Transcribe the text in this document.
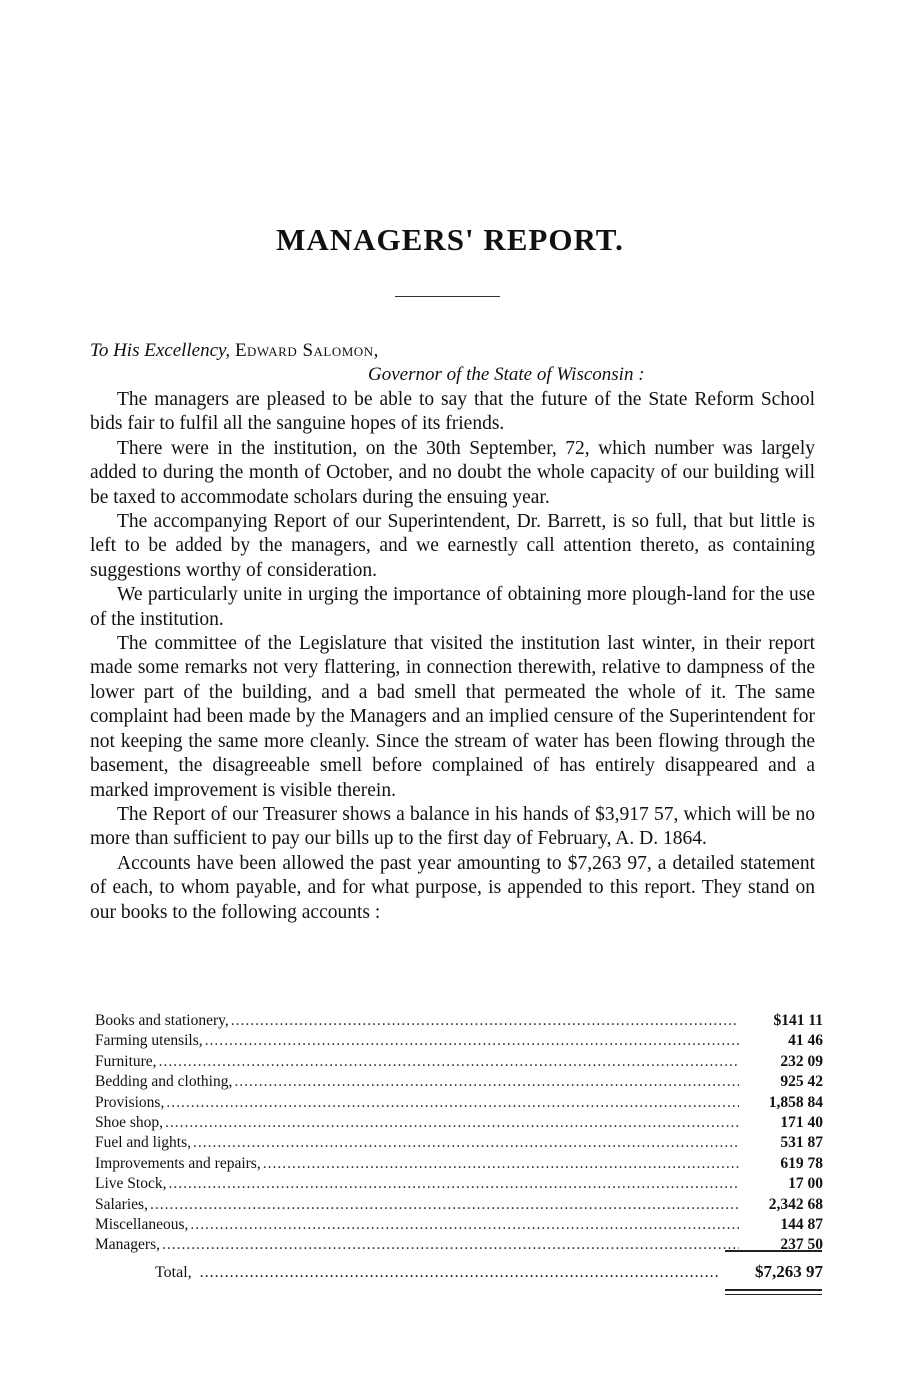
MANAGERS' REPORT.
To His Excellency, Edward Salomon,
Governor of the State of Wisconsin :

The managers are pleased to be able to say that the future of the State Reform School bids fair to fulfil all the sanguine hopes of its friends.

There were in the institution, on the 30th September, 72, which number was largely added to during the month of October, and no doubt the whole capacity of our building will be taxed to accommodate scholars during the ensuing year.

The accompanying Report of our Superintendent, Dr. Barrett, is so full, that but little is left to be added by the managers, and we earnestly call attention thereto, as containing suggestions worthy of consideration.

We particularly unite in urging the importance of obtaining more plough-land for the use of the institution.

The committee of the Legislature that visited the institution last winter, in their report made some remarks not very flattering, in connection therewith, relative to dampness of the lower part of the building, and a bad smell that permeated the whole of it. The same complaint had been made by the Managers and an implied censure of the Superintendent for not keeping the same more cleanly. Since the stream of water has been flowing through the basement, the disagreeable smell before complained of has entirely disappeared and a marked improvement is visible therein.

The Report of our Treasurer shows a balance in his hands of $3,917 57, which will be no more than sufficient to pay our bills up to the first day of February, A. D. 1864.

Accounts have been allowed the past year amounting to $7,263 97, a detailed statement of each, to whom payable, and for what purpose, is appended to this report. They stand on our books to the following accounts :

Books and stationery, .....	$141 11
Farming utensils, .....	41 46
Furniture, .....	232 09
Bedding and clothing, .....	925 42
Provisions, .....	1,858 84
Shoe shop, .....	171 40
Fuel and lights, .....	531 87
Improvements and repairs, .....	619 78
Live Stock, .....	17 00
Salaries, .....	2,342 68
Miscellaneous, .....	144 87
Managers, .....	237 50
Total, .....	$7,263 97
